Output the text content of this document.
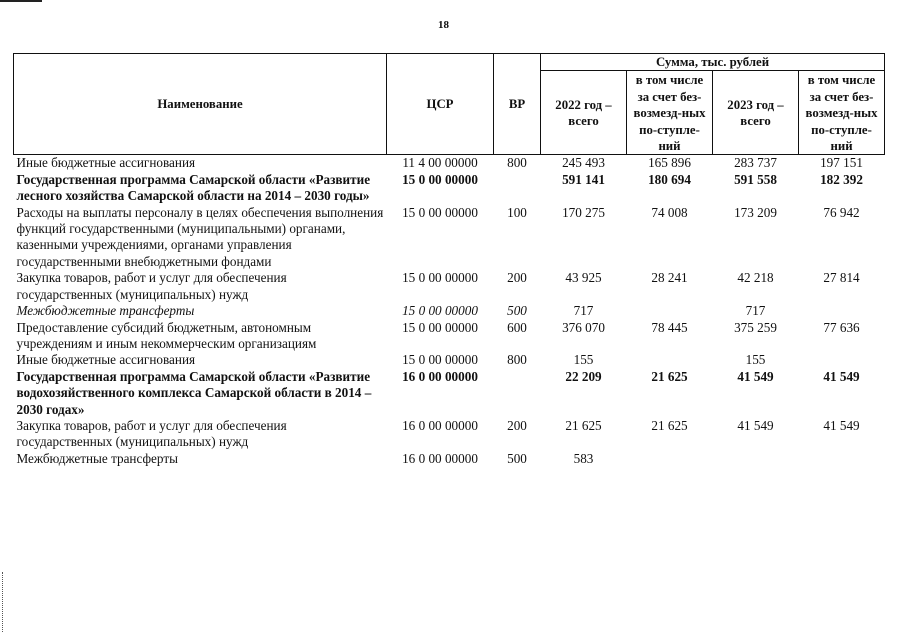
18
Наименование	ЦСР	ВР	Сумма, тыс. рублей			
			2022 год – всего	в том числе за счет без-возмезд-ных по-ступле-ний	2023 год – всего	в том числе за счет без-возмезд-ных по-ступле-ний
Иные бюджетные ассигнования	11 4 00 00000	800	245 493	165 896	283 737	197 151
Государственная программа Самарской области «Развитие лесного хозяйства Самарской области на 2014 – 2030 годы»	15 0 00 00000		591 141	180 694	591 558	182 392
Расходы на выплаты персоналу в целях обеспечения выполнения функций государственными (муниципальными) органами, казенными учреждениями, органами управления государственными внебюджетными фондами	15 0 00 00000	100	170 275	74 008	173 209	76 942
Закупка товаров, работ и услуг для обеспечения государственных (муниципальных) нужд	15 0 00 00000	200	43 925	28 241	42 218	27 814
Межбюджетные трансферты	15 0 00 00000	500	717		717	
Предоставление субсидий бюджетным, автономным учреждениям и иным некоммерческим организациям	15 0 00 00000	600	376 070	78 445	375 259	77 636
Иные бюджетные ассигнования	15 0 00 00000	800	155		155	
Государственная программа Самарской области «Развитие водохозяйственного комплекса Самарской области в 2014 – 2030 годах»	16 0 00 00000		22 209	21 625	41 549	41 549
Закупка товаров, работ и услуг для обеспечения государственных (муниципальных) нужд	16 0 00 00000	200	21 625	21 625	41 549	41 549
Межбюджетные трансферты	16 0 00 00000	500	583			
